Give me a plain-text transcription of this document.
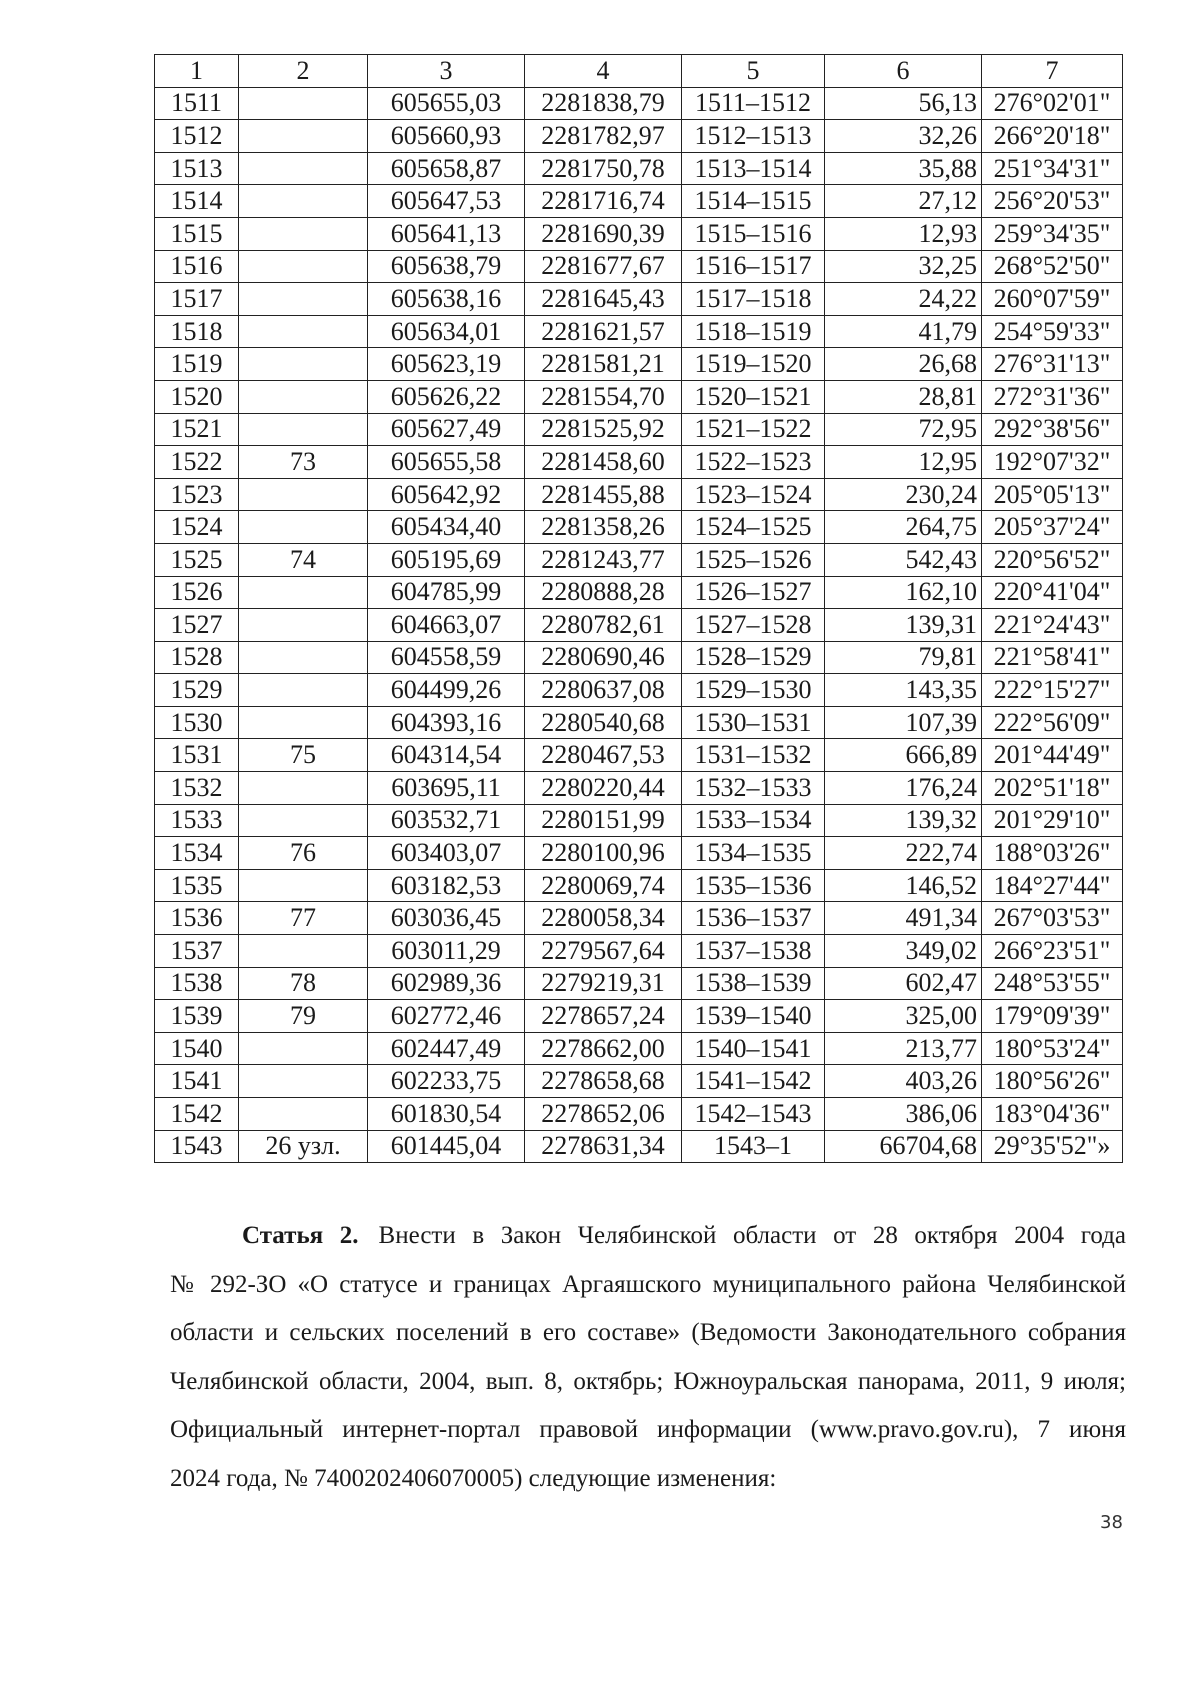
1	2	3	4	5	6	7
1511		605655,03	2281838,79	1511–1512	56,13	276°02'01"
1512		605660,93	2281782,97	1512–1513	32,26	266°20'18"
1513		605658,87	2281750,78	1513–1514	35,88	251°34'31"
1514		605647,53	2281716,74	1514–1515	27,12	256°20'53"
1515		605641,13	2281690,39	1515–1516	12,93	259°34'35"
1516		605638,79	2281677,67	1516–1517	32,25	268°52'50"
1517		605638,16	2281645,43	1517–1518	24,22	260°07'59"
1518		605634,01	2281621,57	1518–1519	41,79	254°59'33"
1519		605623,19	2281581,21	1519–1520	26,68	276°31'13"
1520		605626,22	2281554,70	1520–1521	28,81	272°31'36"
1521		605627,49	2281525,92	1521–1522	72,95	292°38'56"
1522	73	605655,58	2281458,60	1522–1523	12,95	192°07'32"
1523		605642,92	2281455,88	1523–1524	230,24	205°05'13"
1524		605434,40	2281358,26	1524–1525	264,75	205°37'24"
1525	74	605195,69	2281243,77	1525–1526	542,43	220°56'52"
1526		604785,99	2280888,28	1526–1527	162,10	220°41'04"
1527		604663,07	2280782,61	1527–1528	139,31	221°24'43"
1528		604558,59	2280690,46	1528–1529	79,81	221°58'41"
1529		604499,26	2280637,08	1529–1530	143,35	222°15'27"
1530		604393,16	2280540,68	1530–1531	107,39	222°56'09"
1531	75	604314,54	2280467,53	1531–1532	666,89	201°44'49"
1532		603695,11	2280220,44	1532–1533	176,24	202°51'18"
1533		603532,71	2280151,99	1533–1534	139,32	201°29'10"
1534	76	603403,07	2280100,96	1534–1535	222,74	188°03'26"
1535		603182,53	2280069,74	1535–1536	146,52	184°27'44"
1536	77	603036,45	2280058,34	1536–1537	491,34	267°03'53"
1537		603011,29	2279567,64	1537–1538	349,02	266°23'51"
1538	78	602989,36	2279219,31	1538–1539	602,47	248°53'55"
1539	79	602772,46	2278657,24	1539–1540	325,00	179°09'39"
1540		602447,49	2278662,00	1540–1541	213,77	180°53'24"
1541		602233,75	2278658,68	1541–1542	403,26	180°56'26"
1542		601830,54	2278652,06	1542–1543	386,06	183°04'36"
1543	26 узл.	601445,04	2278631,34	1543–1	66704,68	29°35'52"»
Статья 2. Внести в Закон Челябинской области от 28 октября 2004 года
№ 292-ЗО «О статусе и границах Аргаяшского муниципального района Челябинской
области и сельских поселений в его составе» (Ведомости Законодательного собрания
Челябинской области, 2004, вып. 8, октябрь; Южноуральская панорама, 2011, 9 июля;
Официальный интернет-портал правовой информации (www.pravo.gov.ru), 7 июня
2024 года, № 7400202406070005) следующие изменения:
38
